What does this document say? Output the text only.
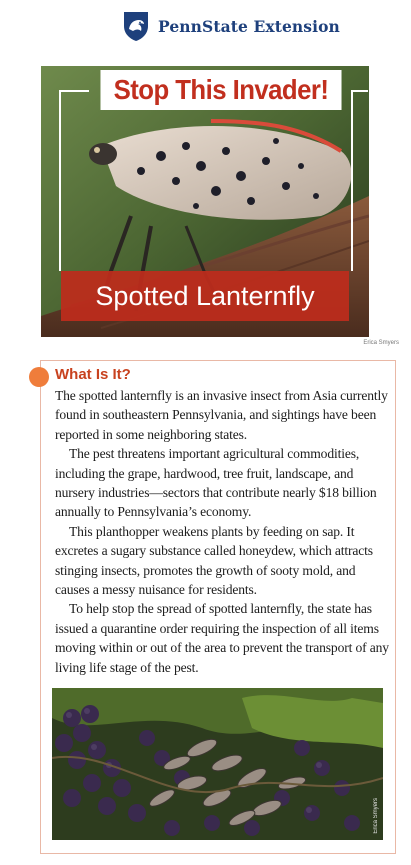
PennState Extension
Stop This Invader!
Spotted Lanternfly
Erica Smyers
What Is It?

The spotted lanternfly is an invasive insect from Asia currently found in southeastern Pennsylvania, and sightings have been reported in some neighboring states.

The pest threatens important agricultural commodities, including the grape, hardwood, tree fruit, landscape, and nursery industries—sectors that contribute nearly $18 billion annually to Pennsylvania’s economy.

This planthopper weakens plants by feeding on sap. It excretes a sugary substance called honeydew, which attracts stinging insects, promotes the growth of sooty mold, and causes a messy nuisance for residents.

To help stop the spread of spotted lanternfly, the state has issued a quarantine order requiring the inspection of all items moving within or out of the area to prevent the transport of any living life stage of the pest.

Erica Smyers
